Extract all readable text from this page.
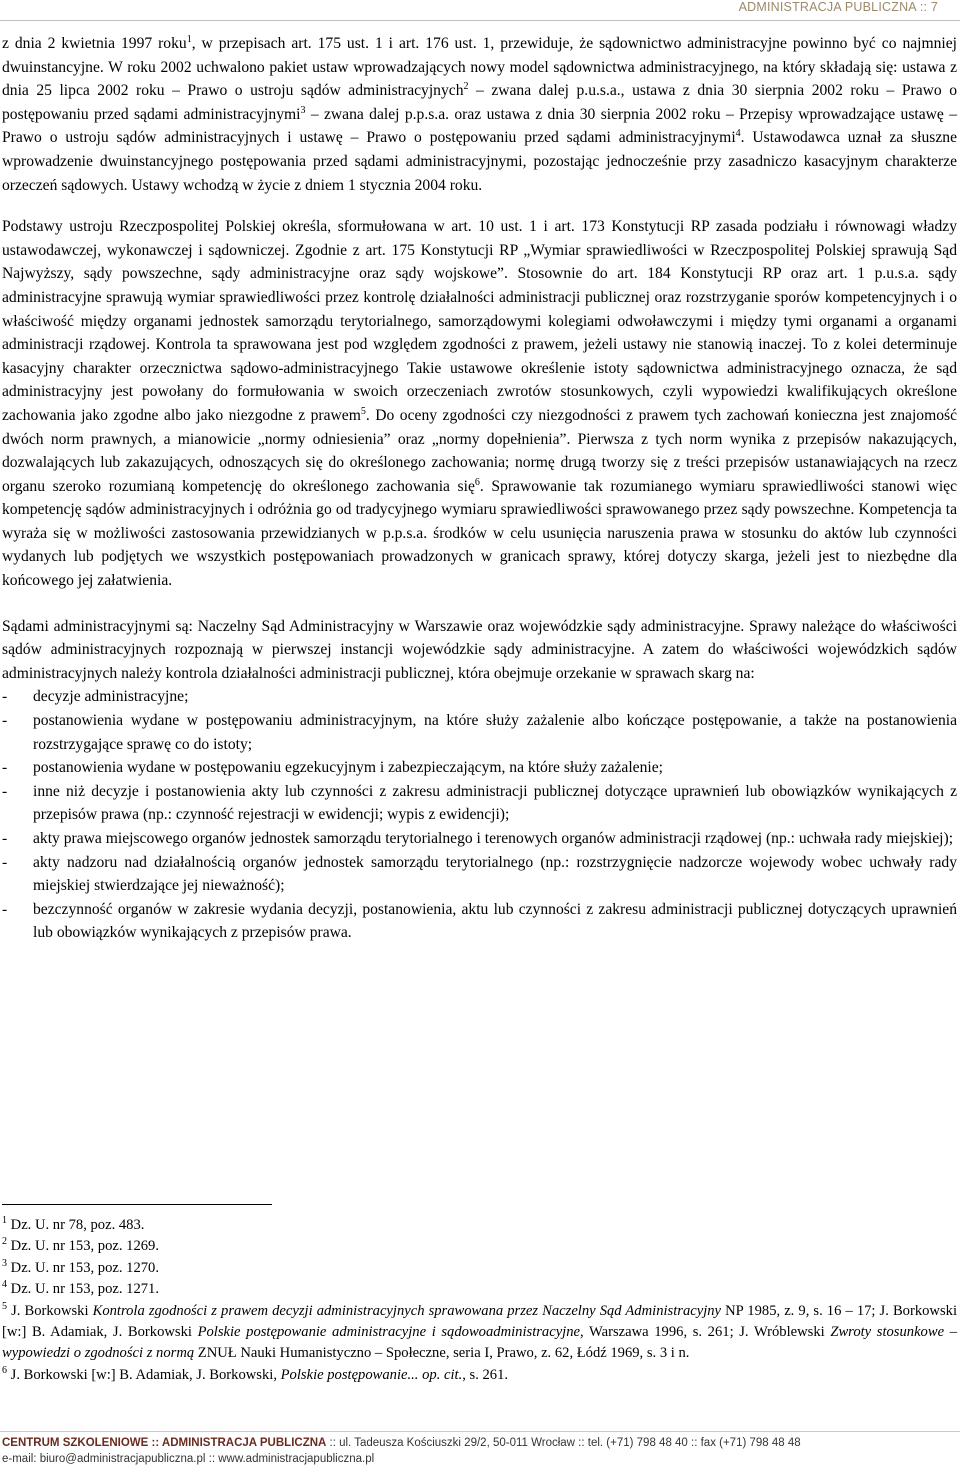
ADMINISTRACJA PUBLICZNA :: 7

z dnia 2 kwietnia 1997 roku$^1$, w przepisach art. 175 ust. 1 i art. 176 ust. 1, przewiduje, że sądownictwo administracyjne powinno być co najmniej dwuinstancyjne. W roku 2002 uchwalono pakiet ustaw wprowadzających nowy model sądownictwa administracyjnego, na który składają się: ustawa z dnia 25 lipca 2002 roku – Prawo o ustroju sądów administracyjnych$^2$ – zwana dalej p.u.s.a., ustawa z dnia 30 sierpnia 2002 roku – Prawo o postępowaniu przed sądami administracyjnymi$^3$ – zwana dalej p.p.s.a. oraz ustawa z dnia 30 sierpnia 2002 roku – Przepisy wprowadzające ustawę – Prawo o ustroju sądów administracyjnych i ustawę – Prawo o postępowaniu przed sądami administracyjnymi$^4$. Ustawodawca uznał za słuszne wprowadzenie dwuinstancyjnego postępowania przed sądami administracyjnymi, pozostając jednocześnie przy zasadniczo kasacyjnym charakterze orzeczeń sądowych. Ustawy wchodzą w życie z dniem 1 stycznia 2004 roku.

Podstawy ustroju Rzeczpospolitej Polskiej określa, sformułowana w art. 10 ust. 1 i art. 173 Konstytucji RP zasada podziału i równowagi władzy ustawodawczej, wykonawczej i sądowniczej. Zgodnie z art. 175 Konstytucji RP „Wymiar sprawiedliwości w Rzeczpospolitej Polskiej sprawują Sąd Najwyższy, sądy powszechne, sądy administracyjne oraz sądy wojskowe”. Stosownie do art. 184 Konstytucji RP oraz art. 1 p.u.s.a. sądy administracyjne sprawują wymiar sprawiedliwości przez kontrolę działalności administracji publicznej oraz rozstrzyganie sporów kompetencyjnych i o właściwość między organami jednostek samorządu terytorialnego, samorządowymi kolegiami odwoławczymi i między tymi organami a organami administracji rządowej. Kontrola ta sprawowana jest pod względem zgodności z prawem, jeżeli ustawy nie stanowią inaczej. To z kolei determinuje kasacyjny charakter orzecznictwa sądowo-administracyjnego Takie ustawowe określenie istoty sądownictwa administracyjnego oznacza, że sąd administracyjny jest powołany do formułowania w swoich orzeczeniach zwrotów stosunkowych, czyli wypowiedzi kwalifikujących określone zachowania jako zgodne albo jako niezgodne z prawem$^5$. Do oceny zgodności czy niezgodności z prawem tych zachowań konieczna jest znajomość dwóch norm prawnych, a mianowicie „normy odniesienia” oraz „normy dopełnienia”. Pierwsza z tych norm wynika z przepisów nakazujących, dozwalających lub zakazujących, odnoszących się do określonego zachowania; normę drugą tworzy się z treści przepisów ustanawiających na rzecz organu szeroko rozumianą kompetencję do określonego zachowania się$^6$. Sprawowanie tak rozumianego wymiaru sprawiedliwości stanowi więc kompetencję sądów administracyjnych i odróżnia go od tradycyjnego wymiaru sprawiedliwości sprawowanego przez sądy powszechne. Kompetencja ta wyraża się w możliwości zastosowania przewidzianych w p.p.s.a. środków w celu usunięcia naruszenia prawa w stosunku do aktów lub czynności wydanych lub podjętych we wszystkich postępowaniach prowadzonych w granicach sprawy, której dotyczy skarga, jeżeli jest to niezbędne dla końcowego jej załatwienia.

Sądami administracyjnymi są: Naczelny Sąd Administracyjny w Warszawie oraz wojewódzkie sądy administracyjne. Sprawy należące do właściwości sądów administracyjnych rozpoznają w pierwszej instancji wojewódzkie sądy administracyjne. A zatem do właściwości wojewódzkich sądów administracyjnych należy kontrola działalności administracji publicznej, która obejmuje orzekanie w sprawach skarg na:

- decyzje administracyjne;
- postanowienia wydane w postępowaniu administracyjnym, na które służy zażalenie albo kończące postępowanie, a także na postanowienia rozstrzygające sprawę co do istoty;
- postanowienia wydane w postępowaniu egzekucyjnym i zabezpieczającym, na które służy zażalenie;
- inne niż decyzje i postanowienia akty lub czynności z zakresu administracji publicznej dotyczące uprawnień lub obowiązków wynikających z przepisów prawa (np.: czynność rejestracji w ewidencji; wypis z ewidencji);
- akty prawa miejscowego organów jednostek samorządu terytorialnego i terenowych organów administracji rządowej (np.: uchwała rady miejskiej);
- akty nadzoru nad działalnością organów jednostek samorządu terytorialnego (np.: rozstrzygnięcie nadzorcze wojewody wobec uchwały rady miejskiej stwierdzające jej nieważność);
- bezczynność organów w zakresie wydania decyzji, postanowienia, aktu lub czynności z zakresu administracji publicznej dotyczących uprawnień lub obowiązków wynikających z przepisów prawa.

$^1$ Dz. U. nr 78, poz. 483.

$^2$ Dz. U. nr 153, poz. 1269.

$^3$ Dz. U. nr 153, poz. 1270.

$^4$ Dz. U. nr 153, poz. 1271.

$^5$ J. Borkowski Kontrola zgodności z prawem decyzji administracyjnych sprawowana przez Naczelny Sąd Administracyjny NP 1985, z. 9, s. 16 – 17; J. Borkowski [w:] B. Adamiak, J. Borkowski Polskie postępowanie administracyjne i sądowoadministracyjne, Warszawa 1996, s. 261; J. Wróblewski Zwroty stosunkowe – wypowiedzi o zgodności z normą ZNUŁ Nauki Humanistyczno – Społeczne, seria I, Prawo, z. 62, Łódź 1969, s. 3 i n.

$^6$ J. Borkowski [w:] B. Adamiak, J. Borkowski, Polskie postępowanie... op. cit., s. 261.

CENTRUM SZKOLENIOWE :: ADMINISTRACJA PUBLICZNA :: ul. Tadeusza Kościuszki 29/2, 50-011 Wrocław :: tel. (+71) 798 48 40 :: fax (+71) 798 48 48
e-mail: biuro@administracjapubliczna.pl :: www.administracjapubliczna.pl
